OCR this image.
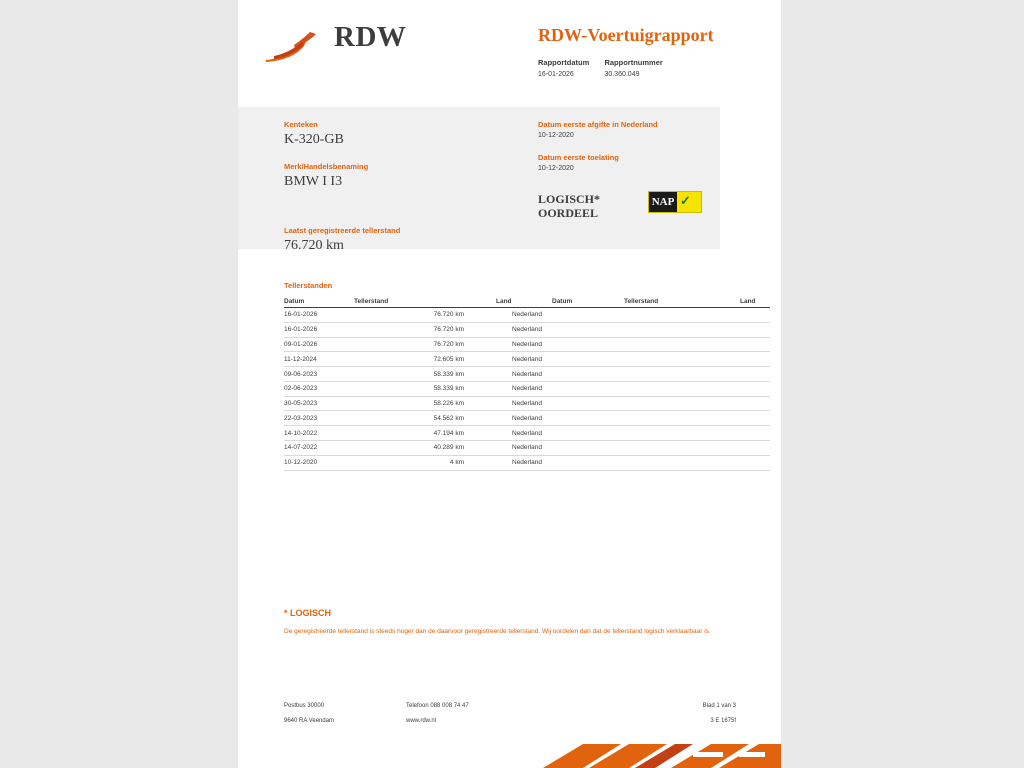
RDW	RDW-Voertuigrapport
Rapportdatum
16-01-2026

Rapportnummer
30.360.049
Kenteken
K-320-GB
Merk/Handelsbenaming
BMW I I3
Laatst geregistreerde tellerstand
76.720 km
Datum eerste afgifte in Nederland
10-12-2020
Datum eerste toelating
10-12-2020
LOGISCH*
OORDEEL
NAP ✓
Tellerstanden
Datum	Tellerstand	Land		Datum	Tellerstand	Land
16-01-2026	76.720 km	Nederland				
16-01-2026	76.720 km	Nederland				
09-01-2026	76.720 km	Nederland				
11-12-2024	72.605 km	Nederland				
09-06-2023	58.339 km	Nederland				
02-06-2023	58.339 km	Nederland				
30-05-2023	58.226 km	Nederland				
22-03-2023	54.562 km	Nederland				
14-10-2022	47.194 km	Nederland				
14-07-2022	40.289 km	Nederland				
10-12-2020	4 km	Nederland				
* LOGISCH
De geregistreerde tellerstand is steeds hoger dan de daarvoor geregistreerde tellerstand. Wij oordelen dan dat de tellerstand logisch verklaarbaar is.
Postbus 30000	Telefoon 088 008 74 47	Blad 1 van 3
9640 RA Veendam	www.rdw.nl	3 E 1675f
